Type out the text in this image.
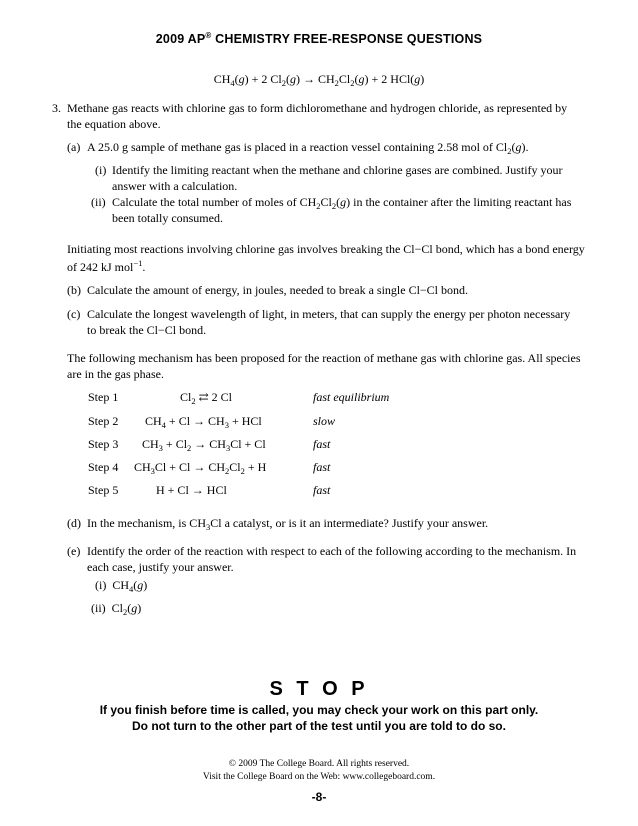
2009 AP® CHEMISTRY FREE-RESPONSE QUESTIONS
$CH_4(g) + 2$ $Cl_2(g) \to CH_2Cl_2(g) + 2$ HCl(g)
3. Methane gas reacts with chlorine gas to form dichloromethane and hydrogen chloride, as represented by the equation above.
(a) A 25.0 g sample of methane gas is placed in a reaction vessel containing 2.58 mol of $Cl_2(g)$.
(i) Identify the limiting reactant when the methane and chlorine gases are combined. Justify your answer with a calculation.
(ii) Calculate the total number of moles of $CH_2Cl_2(g)$ in the container after the limiting reactant has been totally consumed.
Initiating most reactions involving chlorine gas involves breaking the Cl−Cl bond, which has a bond energy of 242 kJ mol$^{-1}$.
(b) Calculate the amount of energy, in joules, needed to break a single Cl−Cl bond.
(c) Calculate the longest wavelength of light, in meters, that can supply the energy per photon necessary to break the Cl−Cl bond.
The following mechanism has been proposed for the reaction of methane gas with chlorine gas. All species are in the gas phase.
Step 1	$Cl_2$ ⇄ 2 Cl	fast equilibrium
Step 2 $CH_4 + Cl \to CH_3$ + HCl	slow
Step 3 $CH_3 + Cl_2 \to CH_3Cl + Cl$	fast
Step 4 $CH_3Cl + Cl \to CH_2Cl_2 + H$	fast
Step 5	H + Cl → HCl	fast
(d) In the mechanism, is $CH_3Cl$ a catalyst, or is it an intermediate? Justify your answer.
(e) Identify the order of the reaction with respect to each of the following according to the mechanism. In each case, justify your answer.
(i) $CH_4(g)$
(ii) $Cl_2(g)$
S T O P
If you finish before time is called, you may check your work on this part only.
Do not turn to the other part of the test until you are told to do so.
© 2009 The College Board. All rights reserved.
Visit the College Board on the Web: www.collegeboard.com.
-8-
